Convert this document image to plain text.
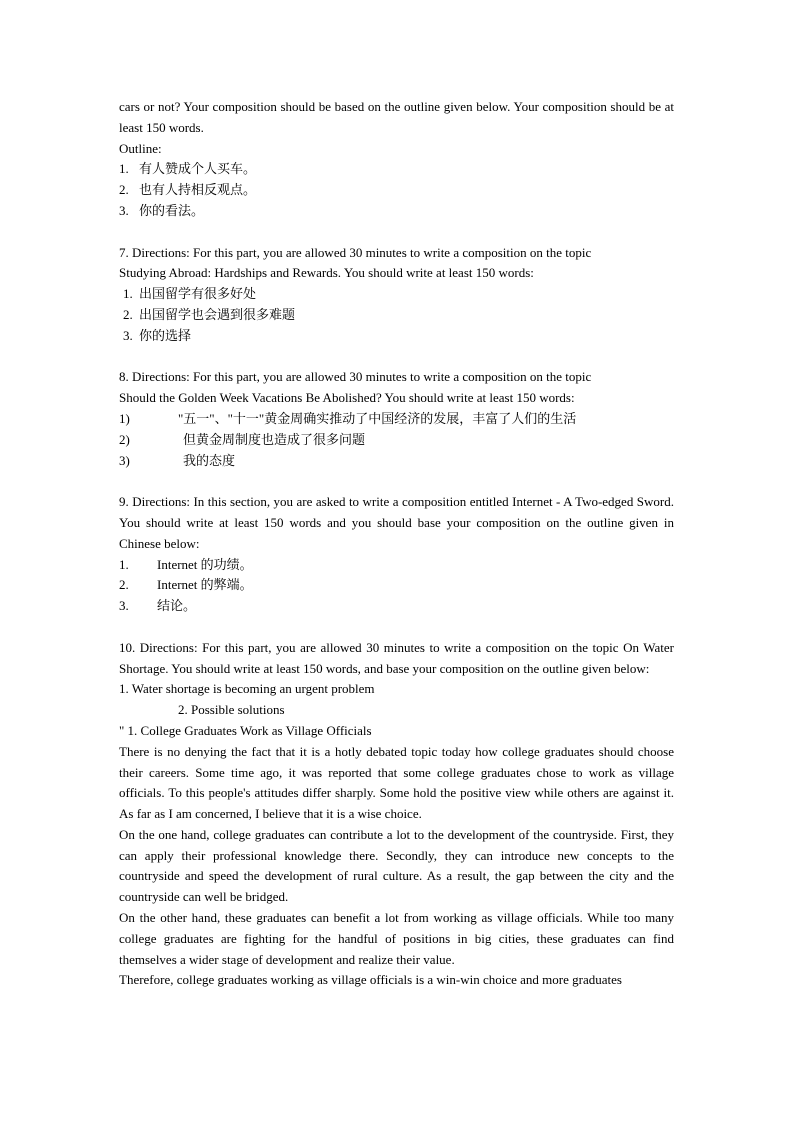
cars or not? Your composition should be based on the outline given below. Your composition should be at least 150 words.

Outline:

1. 有人赞成个人买车。
2. 也有人持相反观点。
3. 你的看法。

7. Directions: For this part, you are allowed 30 minutes to write a composition on the topic

Studying Abroad: Hardships and Rewards. You should write at least 150 words:

1. 出国留学有很多好处
2. 出国留学也会遇到很多难题
3. 你的选择

8. Directions: For this part, you are allowed 30 minutes to write a composition on the topic

Should the Golden Week Vacations Be Abolished? You should write at least 150 words:

1)	"五一"、"十一"黄金周确实推动了中国经济的发展，丰富了人们的生活
2)	但黄金周制度也造成了很多问题
3)	我的态度

9. Directions: In this section, you are asked to write a composition entitled Internet - A Two-edged Sword. You should write at least 150 words and you should base your composition on the outline given in Chinese below:

1.	Internet 的功绩。
2.	Internet 的弊端。
3.	结论。

10. Directions: For this part, you are allowed 30 minutes to write a composition on the topic On Water Shortage. You should write at least 150 words, and base your composition on the outline given below:

1. Water shortage is becoming an urgent problem

2. Possible solutions

" 1. College Graduates Work as Village Officials

There is no denying the fact that it is a hotly debated topic today how college graduates should choose their careers. Some time ago, it was reported that some college graduates chose to work as village officials. To this people's attitudes differ sharply. Some hold the positive view while others are against it. As far as I am concerned, I believe that it is a wise choice.

On the one hand, college graduates can contribute a lot to the development of the countryside. First, they can apply their professional knowledge there. Secondly, they can introduce new concepts to the countryside and speed the development of rural culture. As a result, the gap between the city and the countryside can well be bridged.

On the other hand, these graduates can benefit a lot from working as village officials. While too many college graduates are fighting for the handful of positions in big cities, these graduates can find themselves a wider stage of development and realize their value.

Therefore, college graduates working as village officials is a win-win choice and more graduates
